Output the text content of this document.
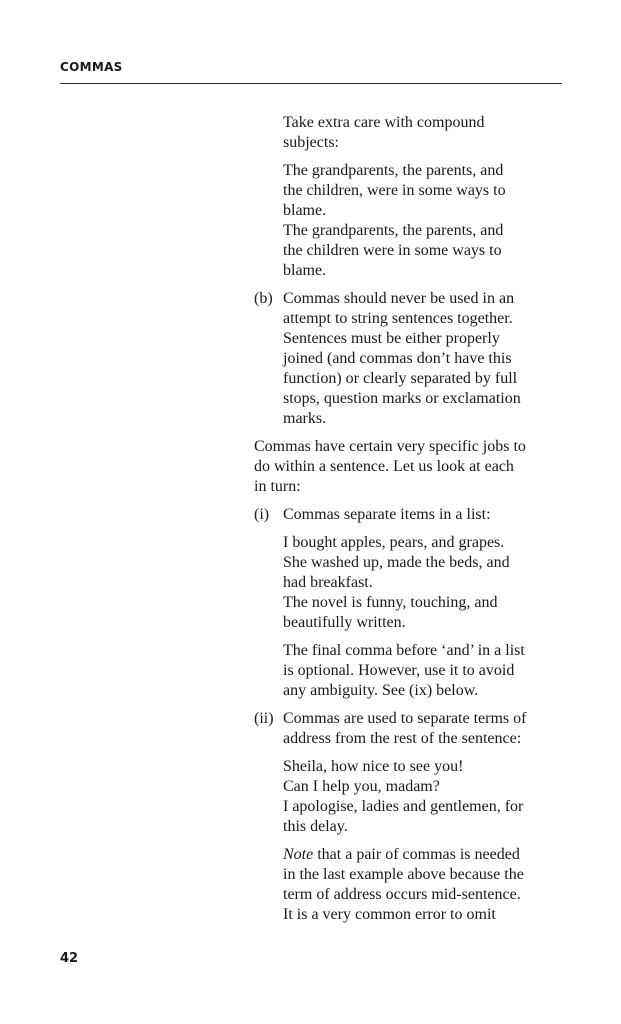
COMMAS
Take extra care with compound
subjects:
The grandparents, the parents, and
the children, were in some ways to
blame.
The grandparents, the parents, and
the children were in some ways to
blame.
(b) Commas should never be used in an
attempt to string sentences together.
Sentences must be either properly
joined (and commas don’t have this
function) or clearly separated by full
stops, question marks or exclamation
marks.
Commas have certain very specific jobs to
do within a sentence. Let us look at each
in turn:
(i) Commas separate items in a list:
I bought apples, pears, and grapes.
She washed up, made the beds, and
had breakfast.
The novel is funny, touching, and
beautifully written.
The final comma before ‘and’ in a list
is optional. However, use it to avoid
any ambiguity. See (ix) below.
(ii) Commas are used to separate terms of
address from the rest of the sentence:
Sheila, how nice to see you!
Can I help you, madam?
I apologise, ladies and gentlemen, for
this delay.
Note that a pair of commas is needed
in the last example above because the
term of address occurs mid-sentence.
It is a very common error to omit
42
